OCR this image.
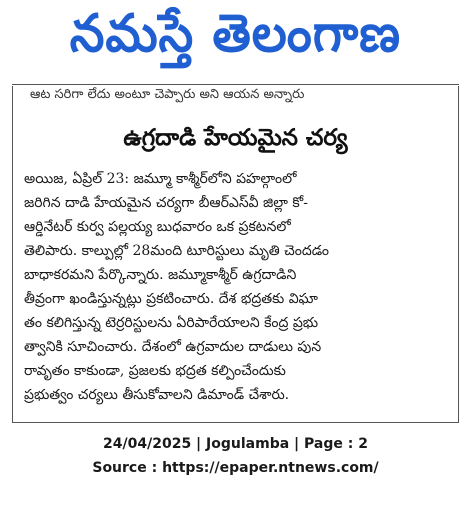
నమస్తే తెలంగాణ
ఆట సరిగా లేదు అంటూ చెప్పారు అని ఆయన అన్నారు
ఉగ్రదాడి హేయమైన చర్య
అయిజ, ఏప్రిల్ 23: జమ్మూ కాశ్మీర్‌లోని పహల్గాంలో
జరిగిన దాడి హేయమైన చర్యగా బీఆర్‌ఎస్‌వీ జిల్లా కో-
ఆర్డినేటర్ కుర్వ పల్లయ్య బుధవారం ఒక ప్రకటనలో
తెలిపారు. కాల్పుల్లో 28మంది టూరిస్టులు మృతి చెందడం
బాధాకరమని పేర్కొన్నారు. జమ్మూకాశ్మీర్ ఉగ్రదాడిని
తీవ్రంగా ఖండిస్తున్నట్లు ప్రకటించారు. దేశ భద్రతకు విఘా
తం కలిగిస్తున్న టెర్రరిస్టులను ఏరిపారేయాలని కేంద్ర ప్రభు
త్వానికి సూచించారు. దేశంలో ఉగ్రవాదుల దాడులు పున
రావృతం కాకుండా, ప్రజలకు భద్రత కల్పించేందుకు
ప్రభుత్వం చర్యలు తీసుకోవాలని డిమాండ్ చేశారు.
24/04/2025 | Jogulamba | Page : 2
Source : https://epaper.ntnews.com/
